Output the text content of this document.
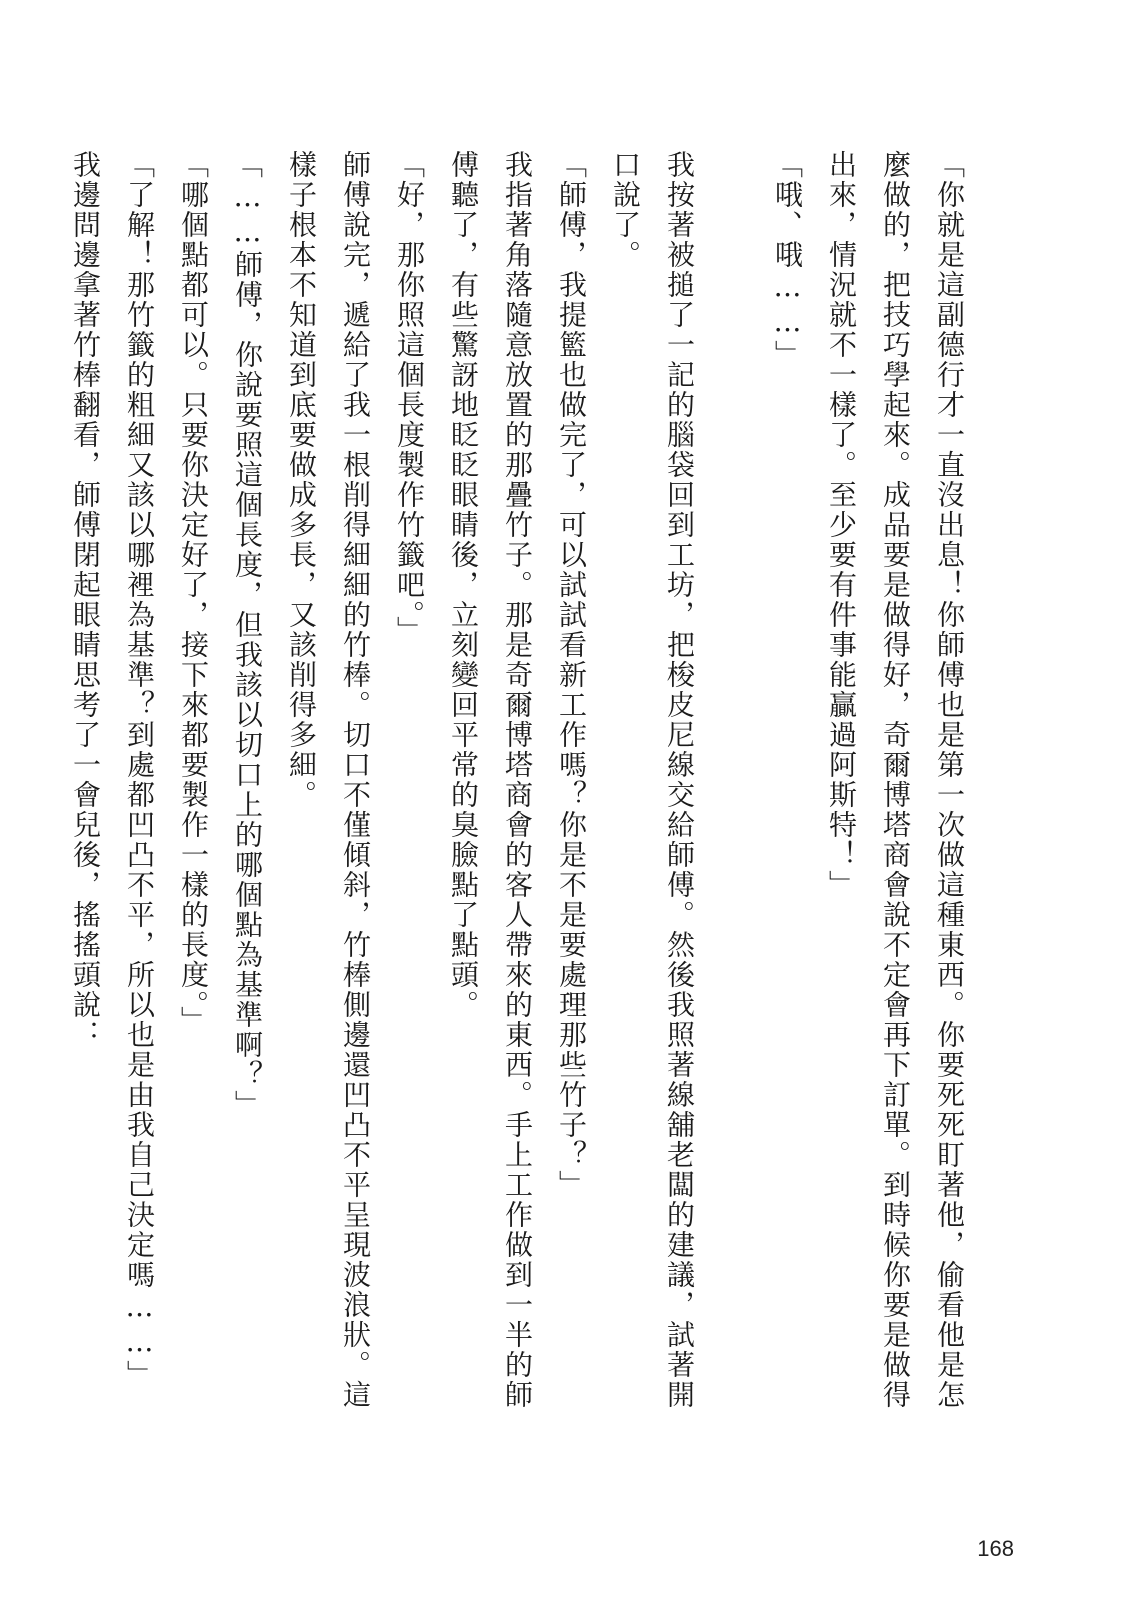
「你就是這副德行才一直沒出息！你師傅也是第一次做這種東西。你要死死盯著他，偷看他是怎麼做的，把技巧學起來。成品要是做得好，奇爾博塔商會說不定會再下訂單。到時候你要是做得出來，情況就不一樣了。至少要有件事能贏過阿斯特！」

「哦、哦……」

我按著被搥了一記的腦袋回到工坊，把梭皮尼線交給師傅。然後我照著線舖老闆的建議，試著開口說了。

「師傅，我提籃也做完了，可以試試看新工作嗎？你是不是要處理那些竹子？」

我指著角落隨意放置的那疊竹子。那是奇爾博塔商會的客人帶來的東西。手上工作做到一半的師傅聽了，有些驚訝地眨眨眼睛後，立刻變回平常的臭臉點了點頭。

「好，那你照這個長度製作竹籤吧。」

師傅說完，遞給了我一根削得細細的竹棒。切口不僅傾斜，竹棒側邊還凹凸不平呈現波浪狀。這樣子根本不知道到底要做成多長，又該削得多細。

「……師傅，你說要照這個長度，但我該以切口上的哪個點為基準啊？」

「哪個點都可以。只要你決定好了，接下來都要製作一樣的長度。」

「了解！那竹籤的粗細又該以哪裡為基準？到處都凹凸不平，所以也是由我自己決定嗎……」

我邊問邊拿著竹棒翻看，師傅閉起眼睛思考了一會兒後，搖搖頭說：

168
